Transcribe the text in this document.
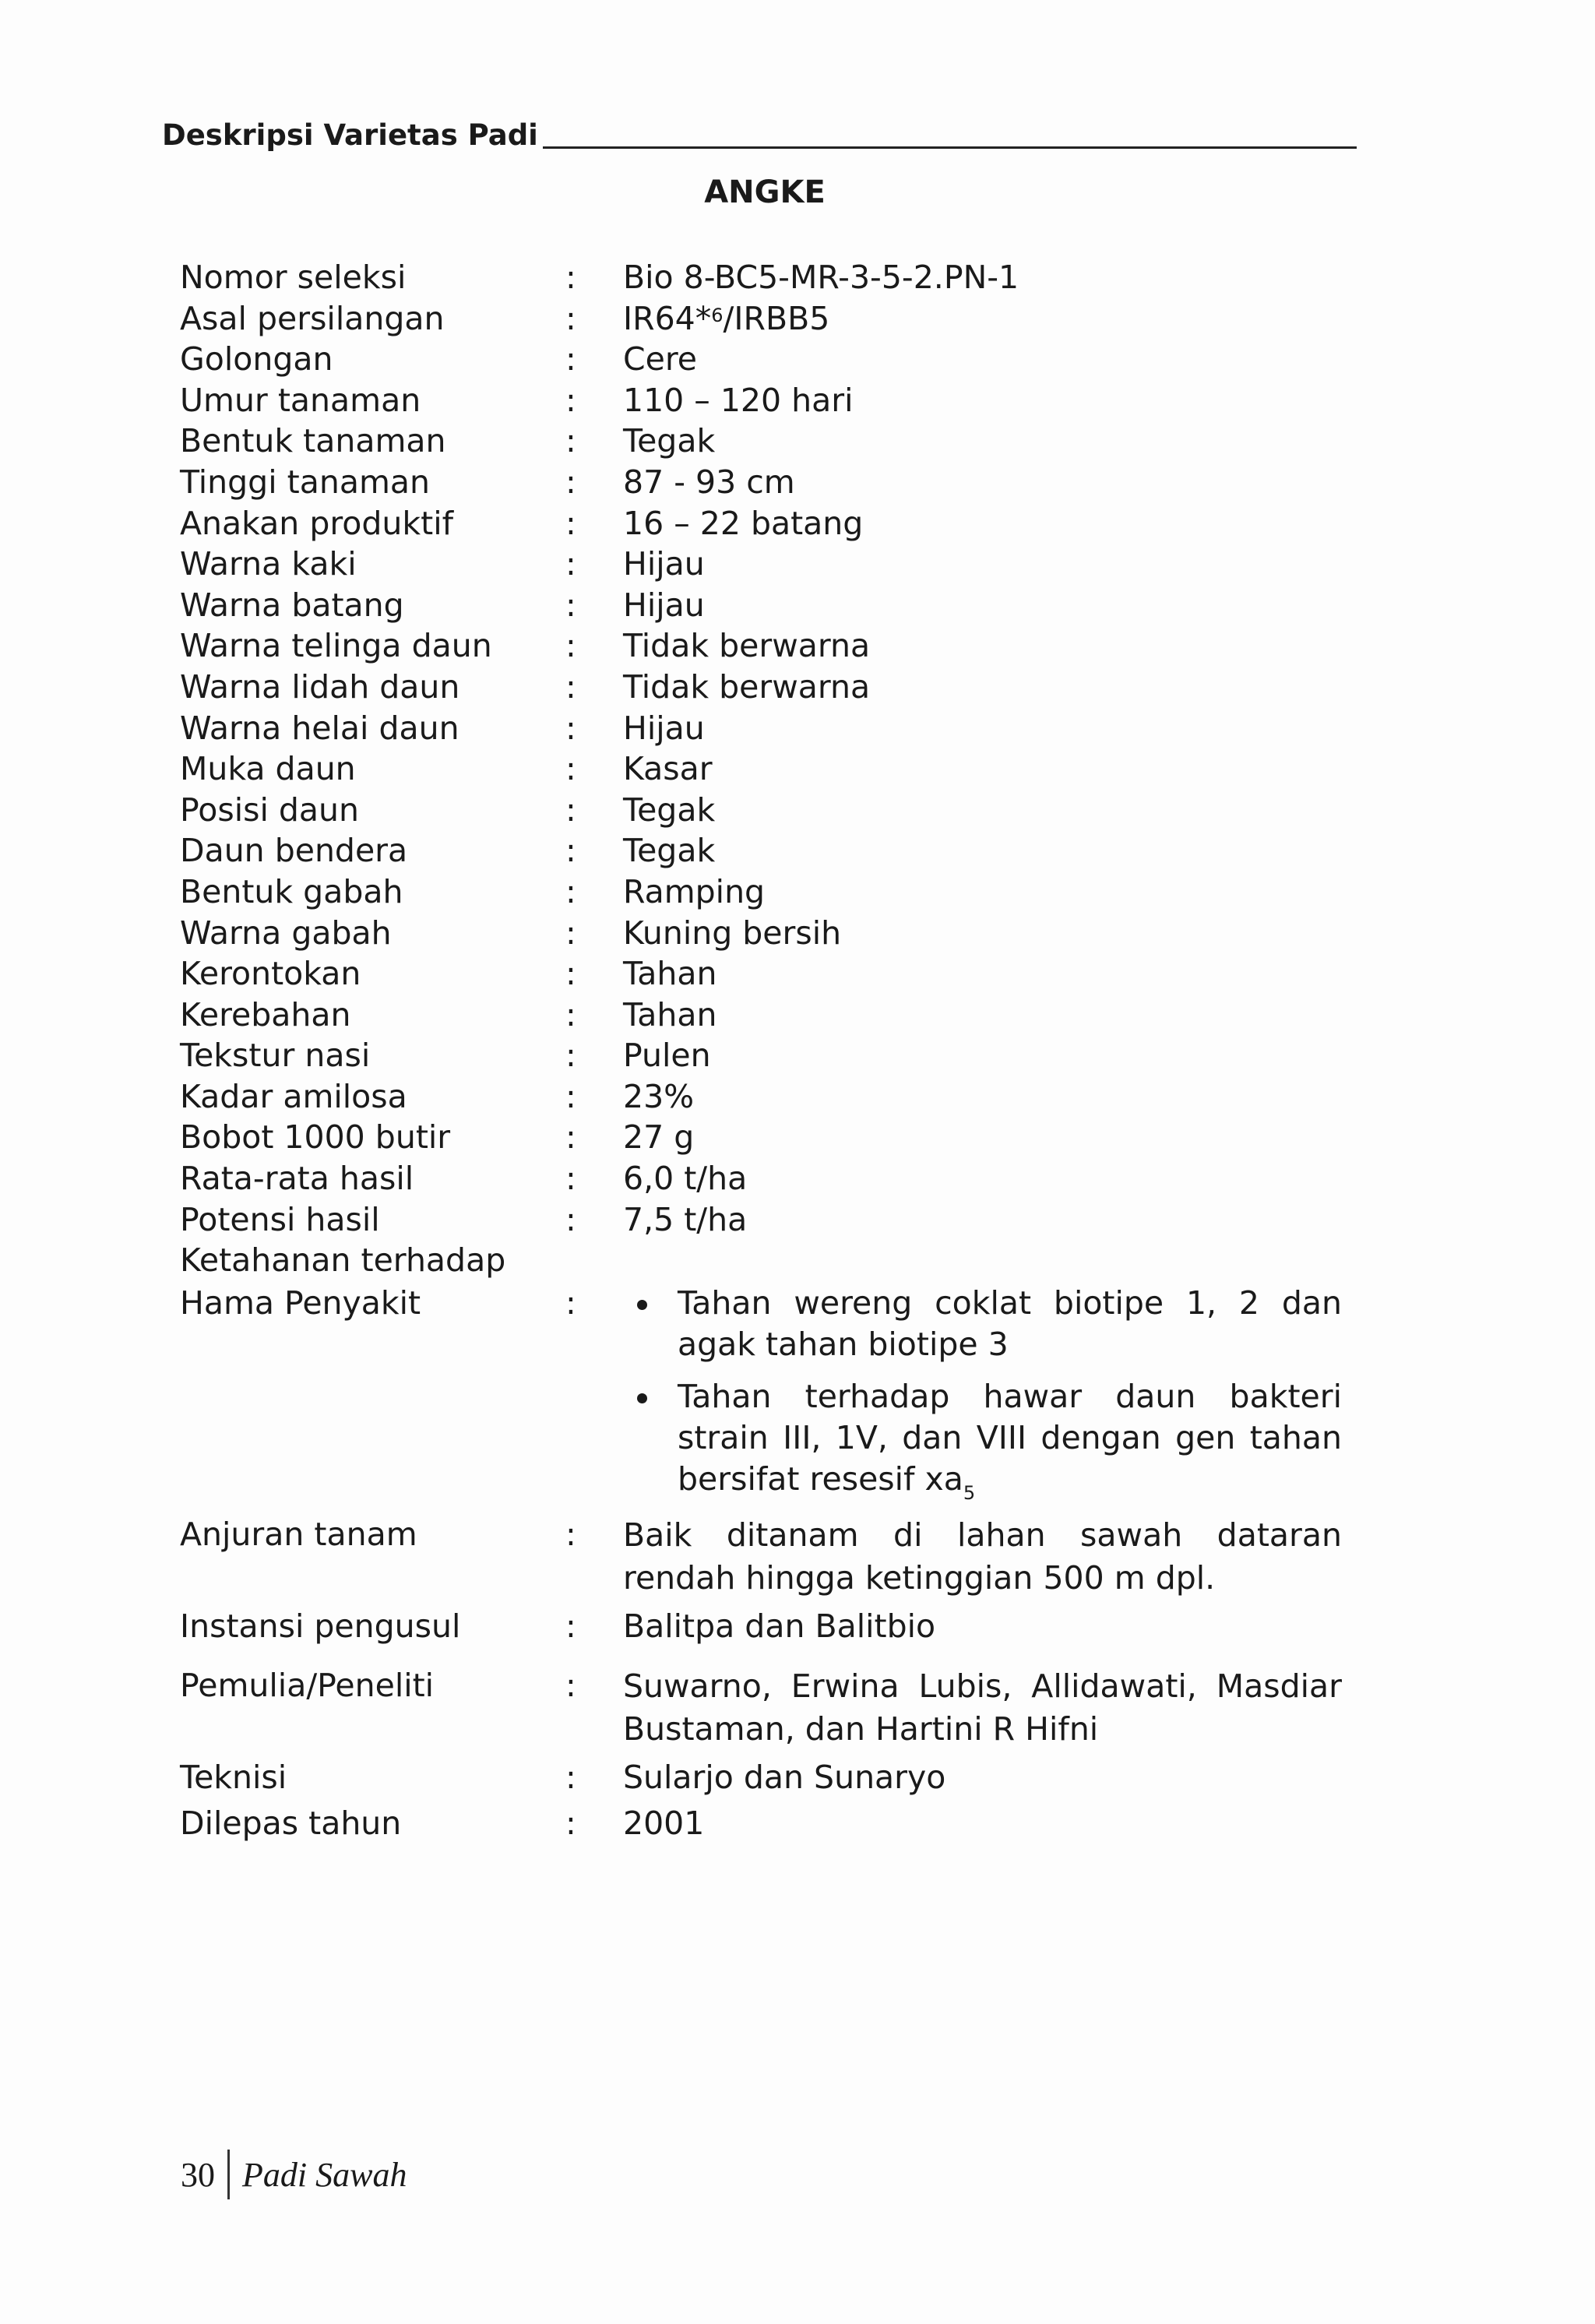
Deskripsi Varietas Padi
ANGKE
Nomor seleksi	:	Bio 8-BC5-MR-3-5-2.PN-1
Asal persilangan	:	IR64*$^6$/IRBB5
Golongan	:	Cere
Umur tanaman	:	110 – 120 hari
Bentuk tanaman	:	Tegak
Tinggi tanaman	:	87 - 93 cm
Anakan produktif	:	16 – 22 batang
Warna kaki	:	Hijau
Warna batang	:	Hijau
Warna telinga daun	:	Tidak berwarna
Warna lidah daun	:	Tidak berwarna
Warna helai daun	:	Hijau
Muka daun	:	Kasar
Posisi daun	:	Tegak
Daun bendera	:	Tegak
Bentuk gabah	:	Ramping
Warna gabah	:	Kuning bersih
Kerontokan	:	Tahan
Kerebahan	:	Tahan
Tekstur nasi	:	Pulen
Kadar amilosa	:	23%
Bobot 1000 butir	:	27 g
Rata-rata hasil	:	6,0 t/ha
Potensi hasil	:	7,5 t/ha
Ketahanan terhadap
Hama Penyakit	:	Tahan wereng coklat biotipe 1, 2 dan agak tahan biotipe 3
Tahan terhadap hawar daun bakteri strain III, 1V, dan VIII dengan gen tahan bersifat resesif $xa_5$
Anjuran tanam	:	Baik ditanam di lahan sawah dataran rendah hingga ketinggian 500 m dpl.
Instansi pengusul	:	Balitpa dan Balitbio
Pemulia/Peneliti	:	Suwarno, Erwina Lubis, Allidawati, Masdiar Bustaman, dan Hartini R Hifni
Teknisi	:	Sularjo dan Sunaryo
Dilepas tahun	:	2001
30 Padi Sawah
